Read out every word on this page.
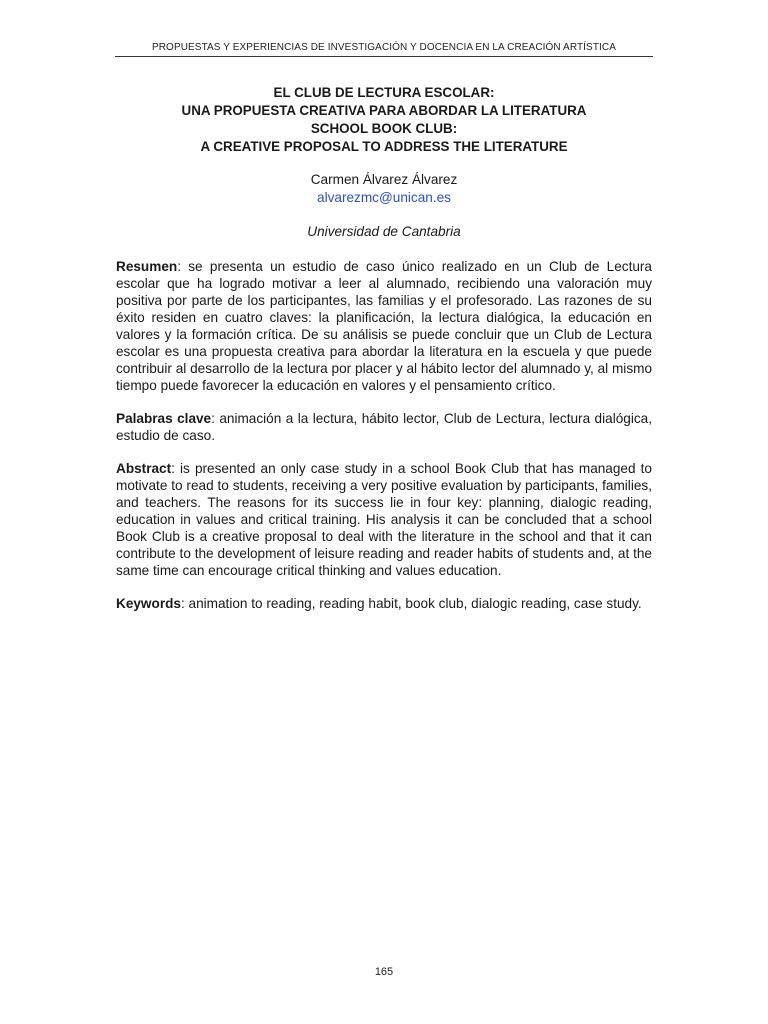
PROPUESTAS Y EXPERIENCIAS DE INVESTIGACIÓN Y DOCENCIA EN LA CREACIÓN ARTÍSTICA

EL CLUB DE LECTURA ESCOLAR:

UNA PROPUESTA CREATIVA PARA ABORDAR LA LITERATURA

SCHOOL BOOK CLUB:

A CREATIVE PROPOSAL TO ADDRESS THE LITERATURE

Carmen Álvarez Álvarez
alvarezmc@unican.es
Universidad de Cantabria

Resumen: se presenta un estudio de caso único realizado en un Club de Lectura escolar que ha logrado motivar a leer al alumnado, recibiendo una valoración muy positiva por parte de los participantes, las familias y el profesorado. Las razones de su éxito residen en cuatro claves: la planificación, la lectura dialógica, la educación en valores y la formación crítica. De su análisis se puede concluir que un Club de Lectura escolar es una propuesta creativa para abordar la literatura en la escuela y que puede contribuir al desarrollo de la lectura por placer y al hábito lector del alumnado y, al mismo tiempo puede favorecer la educación en valores y el pensamiento crítico.

Palabras clave: animación a la lectura, hábito lector, Club de Lectura, lectura dialógica, estudio de caso.

Abstract: is presented an only case study in a school Book Club that has managed to motivate to read to students, receiving a very positive evaluation by participants, families, and teachers. The reasons for its success lie in four key: planning, dialogic reading, education in values and critical training. His analysis it can be concluded that a school Book Club is a creative proposal to deal with the literature in the school and that it can contribute to the development of leisure reading and reader habits of students and, at the same time can encourage critical thinking and values education.

Keywords: animation to reading, reading habit, book club, dialogic reading, case study.

165
